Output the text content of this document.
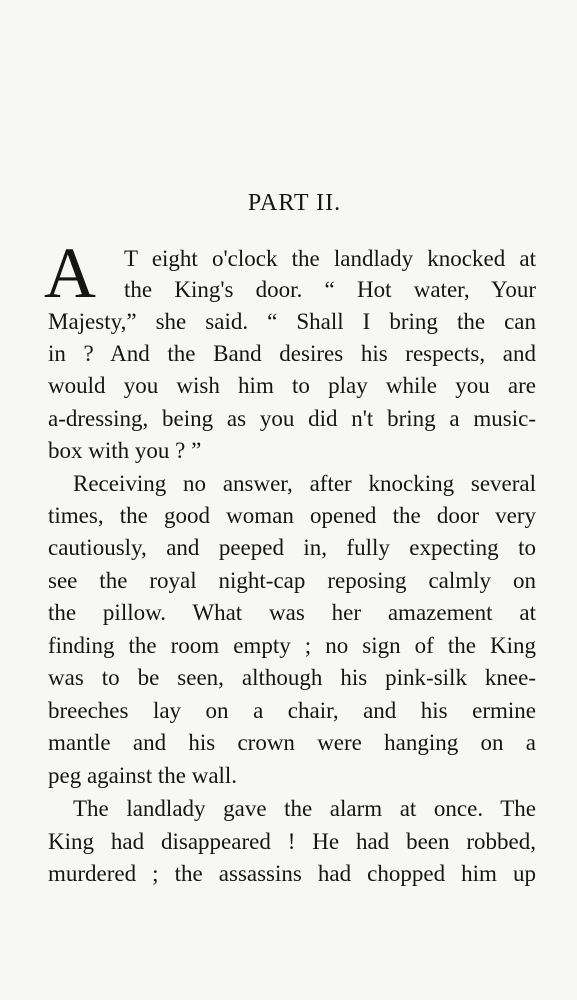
PART II.
A T eight o'clock the landlady knocked at
the King's door. “ Hot water, Your
Majesty,” she said. “ Shall I bring the can
in ? And the Band desires his respects, and
would you wish him to play while you are
a-dressing, being as you did n't bring a music-
box with you ? ”
Receiving no answer, after knocking several
times, the good woman opened the door very
cautiously, and peeped in, fully expecting to
see the royal night-cap reposing calmly on
the pillow. What was her amazement at
finding the room empty ; no sign of the King
was to be seen, although his pink-silk knee-
breeches lay on a chair, and his ermine
mantle and his crown were hanging on a
peg against the wall.
The landlady gave the alarm at once. The
King had disappeared ! He had been robbed,
murdered ; the assassins had chopped him up
